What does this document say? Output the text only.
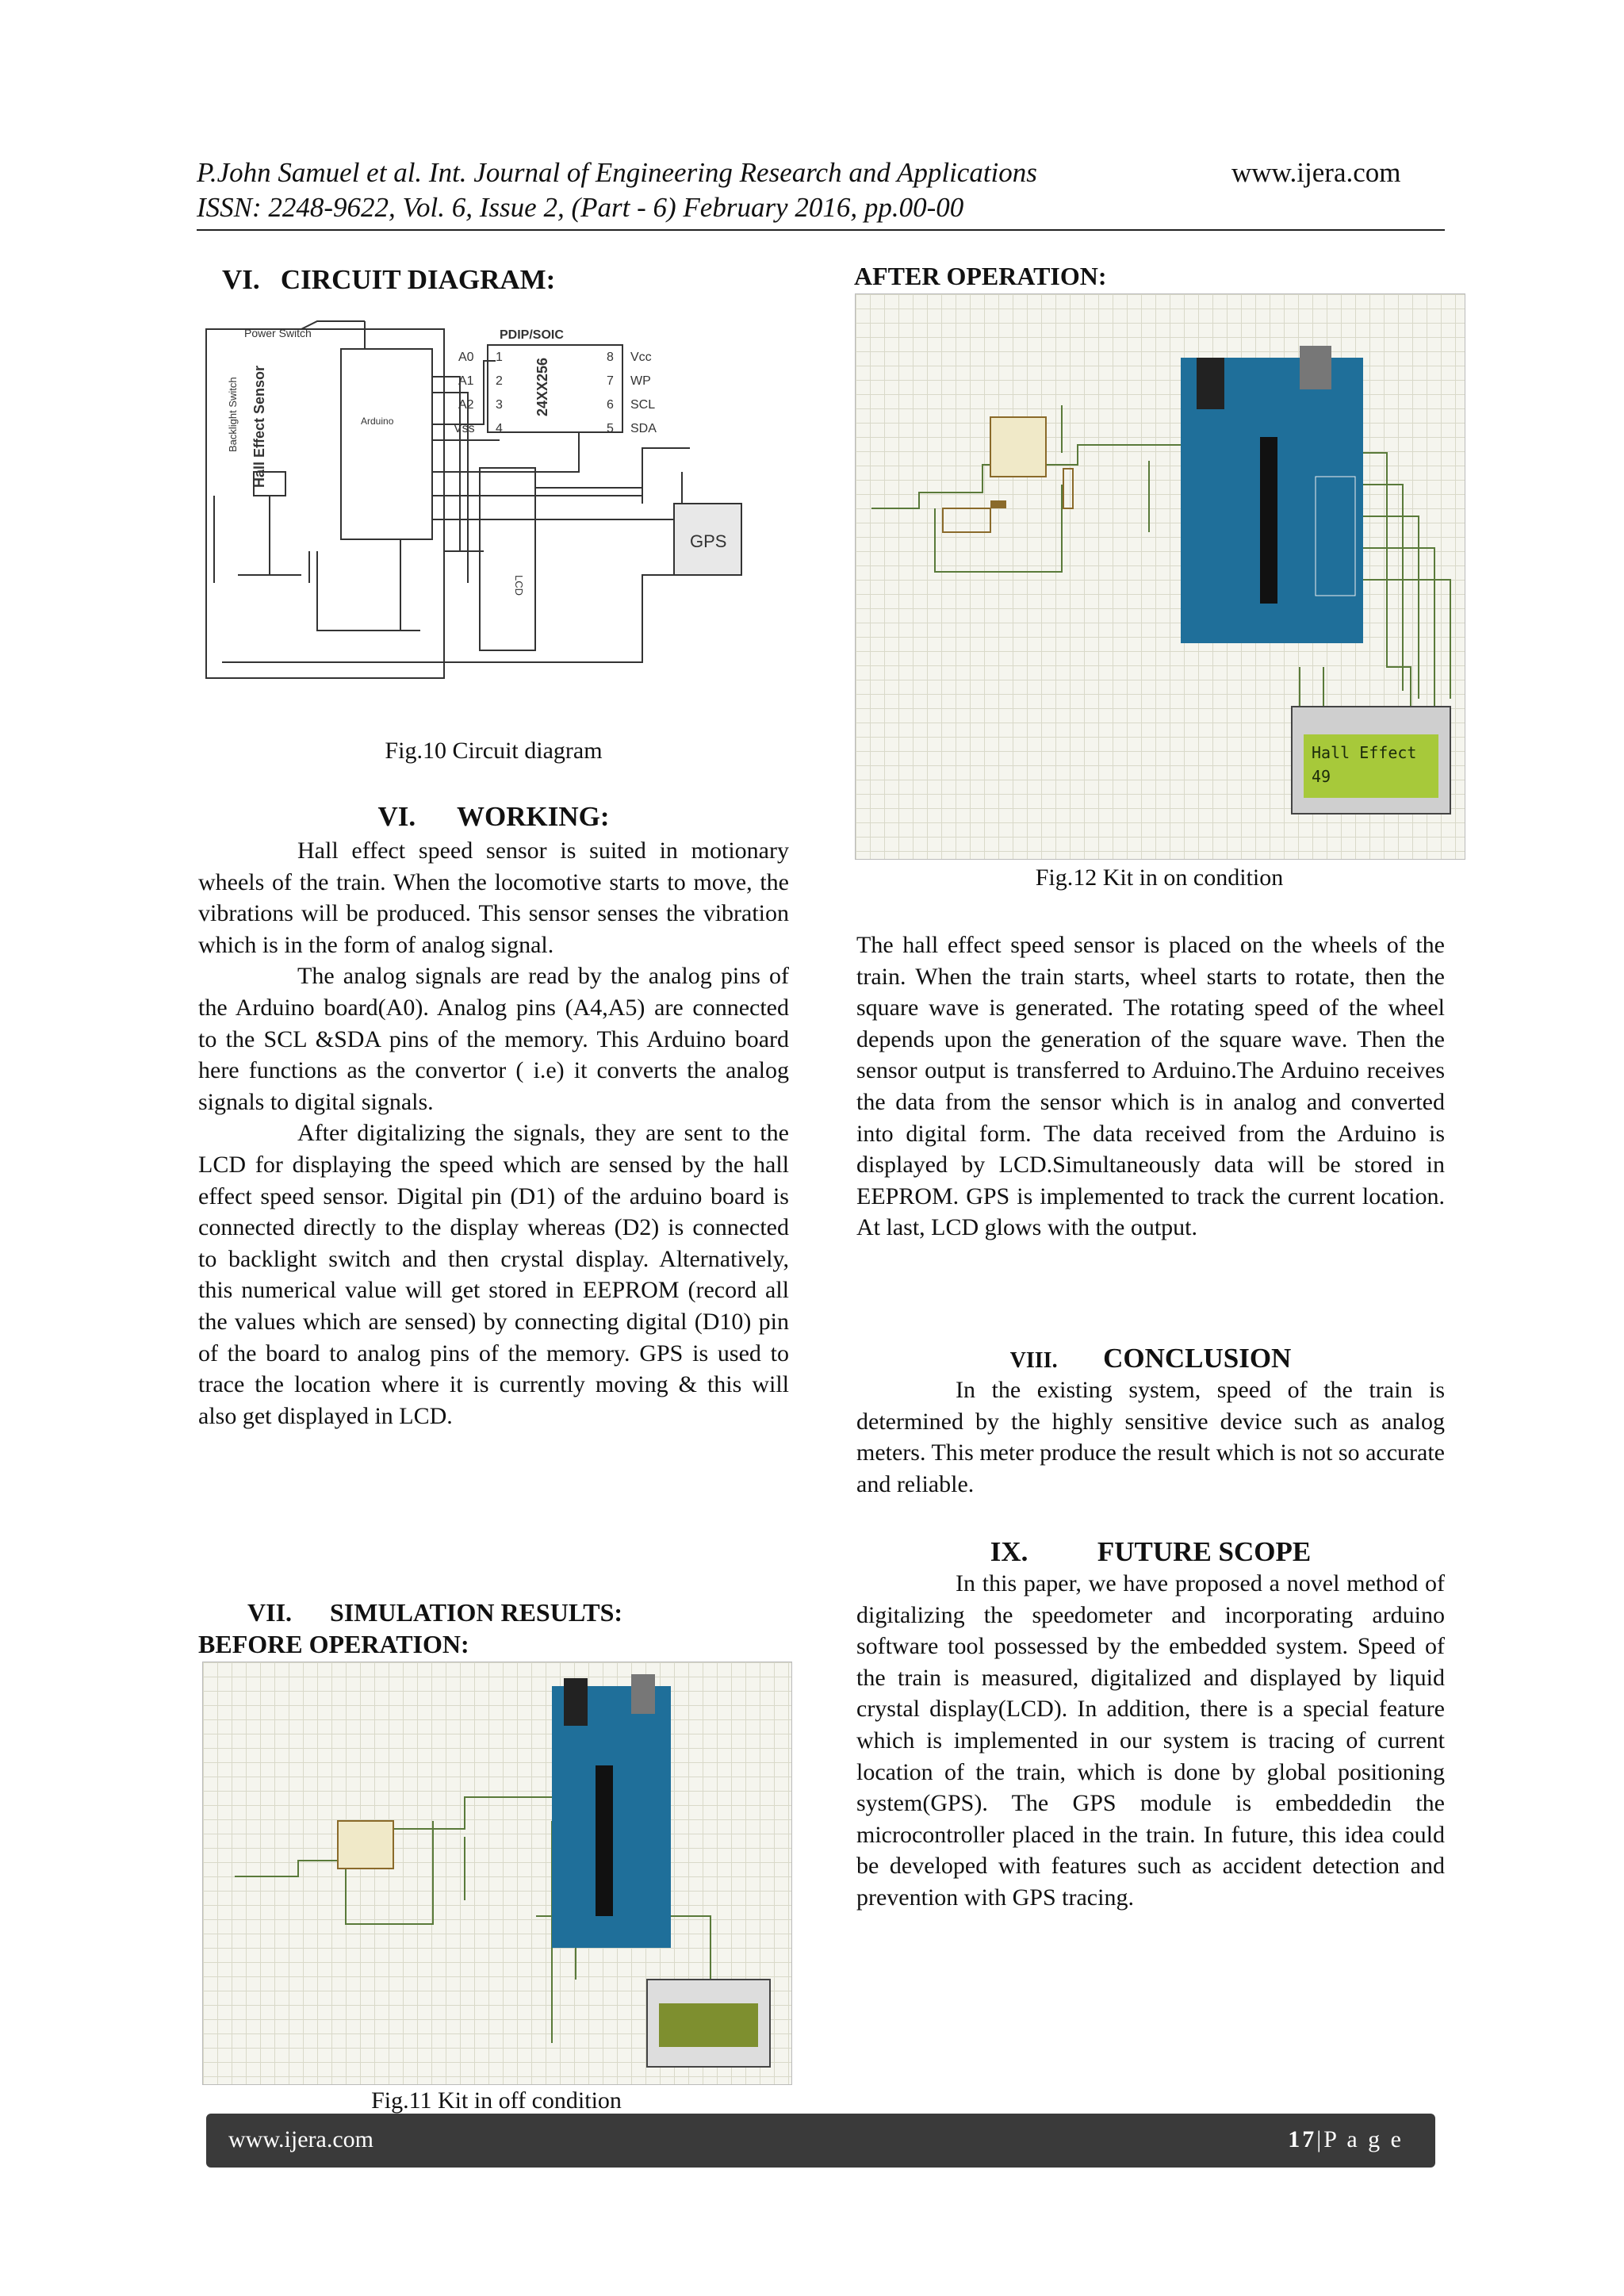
P.John Samuel et al. Int. Journal of Engineering Research and Applications	www.ijera.com
ISSN: 2248-9622, Vol. 6, Issue 2, (Part - 6) February 2016, pp.00-00
VI.   CIRCUIT DIAGRAM:
Power Switch	PDIP/SOIC
24XX256
A0
A1
A2
Vss
1
2
3
4
8
7
6
5
Vcc
WP
SCL
SDA
Arduino
Backlight Switch Hall Effect Sensor
LCD
GPS
Fig.10 Circuit diagram
VI.      WORKING:

Hall effect speed sensor is suited in motionary wheels of the train. When the locomotive starts to move, the vibrations will be produced. This sensor senses the vibration which is in the form of analog signal.

The analog signals are read by the analog pins of the Arduino board(A0). Analog pins (A4,A5) are connected to the SCL &SDA pins of the memory. This Arduino board here functions as the convertor ( i.e) it converts the analog signals to digital signals.

After digitalizing the signals, they are sent to the LCD for displaying the speed which are sensed by the hall effect speed sensor. Digital pin (D1) of the arduino board is connected directly to the display whereas (D2) is connected to backlight switch and then crystal display. Alternatively, this numerical value will get stored in EEPROM (record all the values which are sensed) by connecting digital (D10) pin of the board to analog pins of the memory. GPS is used to trace the location where it is currently moving & this will also get displayed in LCD.

VII.      SIMULATION RESULTS:
BEFORE OPERATION:
Fig.11 Kit in off condition
AFTER OPERATION:
Hall Effect
49
Fig.12 Kit in on condition

The hall effect speed sensor is placed on the wheels of the train. When the train starts, wheel starts to rotate, then the square wave is generated. The rotating speed of the wheel depends upon the generation of the square wave. Then the sensor output is transferred to Arduino.The Arduino receives the data from the sensor which is in analog and converted into digital form. The data received from the Arduino is displayed by LCD.Simultaneously data will be stored in EEPROM. GPS is implemented to track the current location. At last, LCD glows with the output.

VIII. CONCLUSION

In the existing system, speed of the train is determined by the highly sensitive device such as analog meters. This meter produce the result which is not so accurate and reliable.

IX.	FUTURE SCOPE

In this paper, we have proposed a novel method of digitalizing the speedometer and incorporating arduino software tool possessed by the embedded system. Speed of the train is measured, digitalized and displayed by liquid crystal display(LCD). In addition, there is a special feature which is implemented in our system is tracing of current location of the train, which is done by global positioning system(GPS). The GPS module is embeddedin the microcontroller placed in the train. In future, this idea could be developed with features such as accident detection and prevention with GPS tracing.

www.ijera.com	17|P a g e
